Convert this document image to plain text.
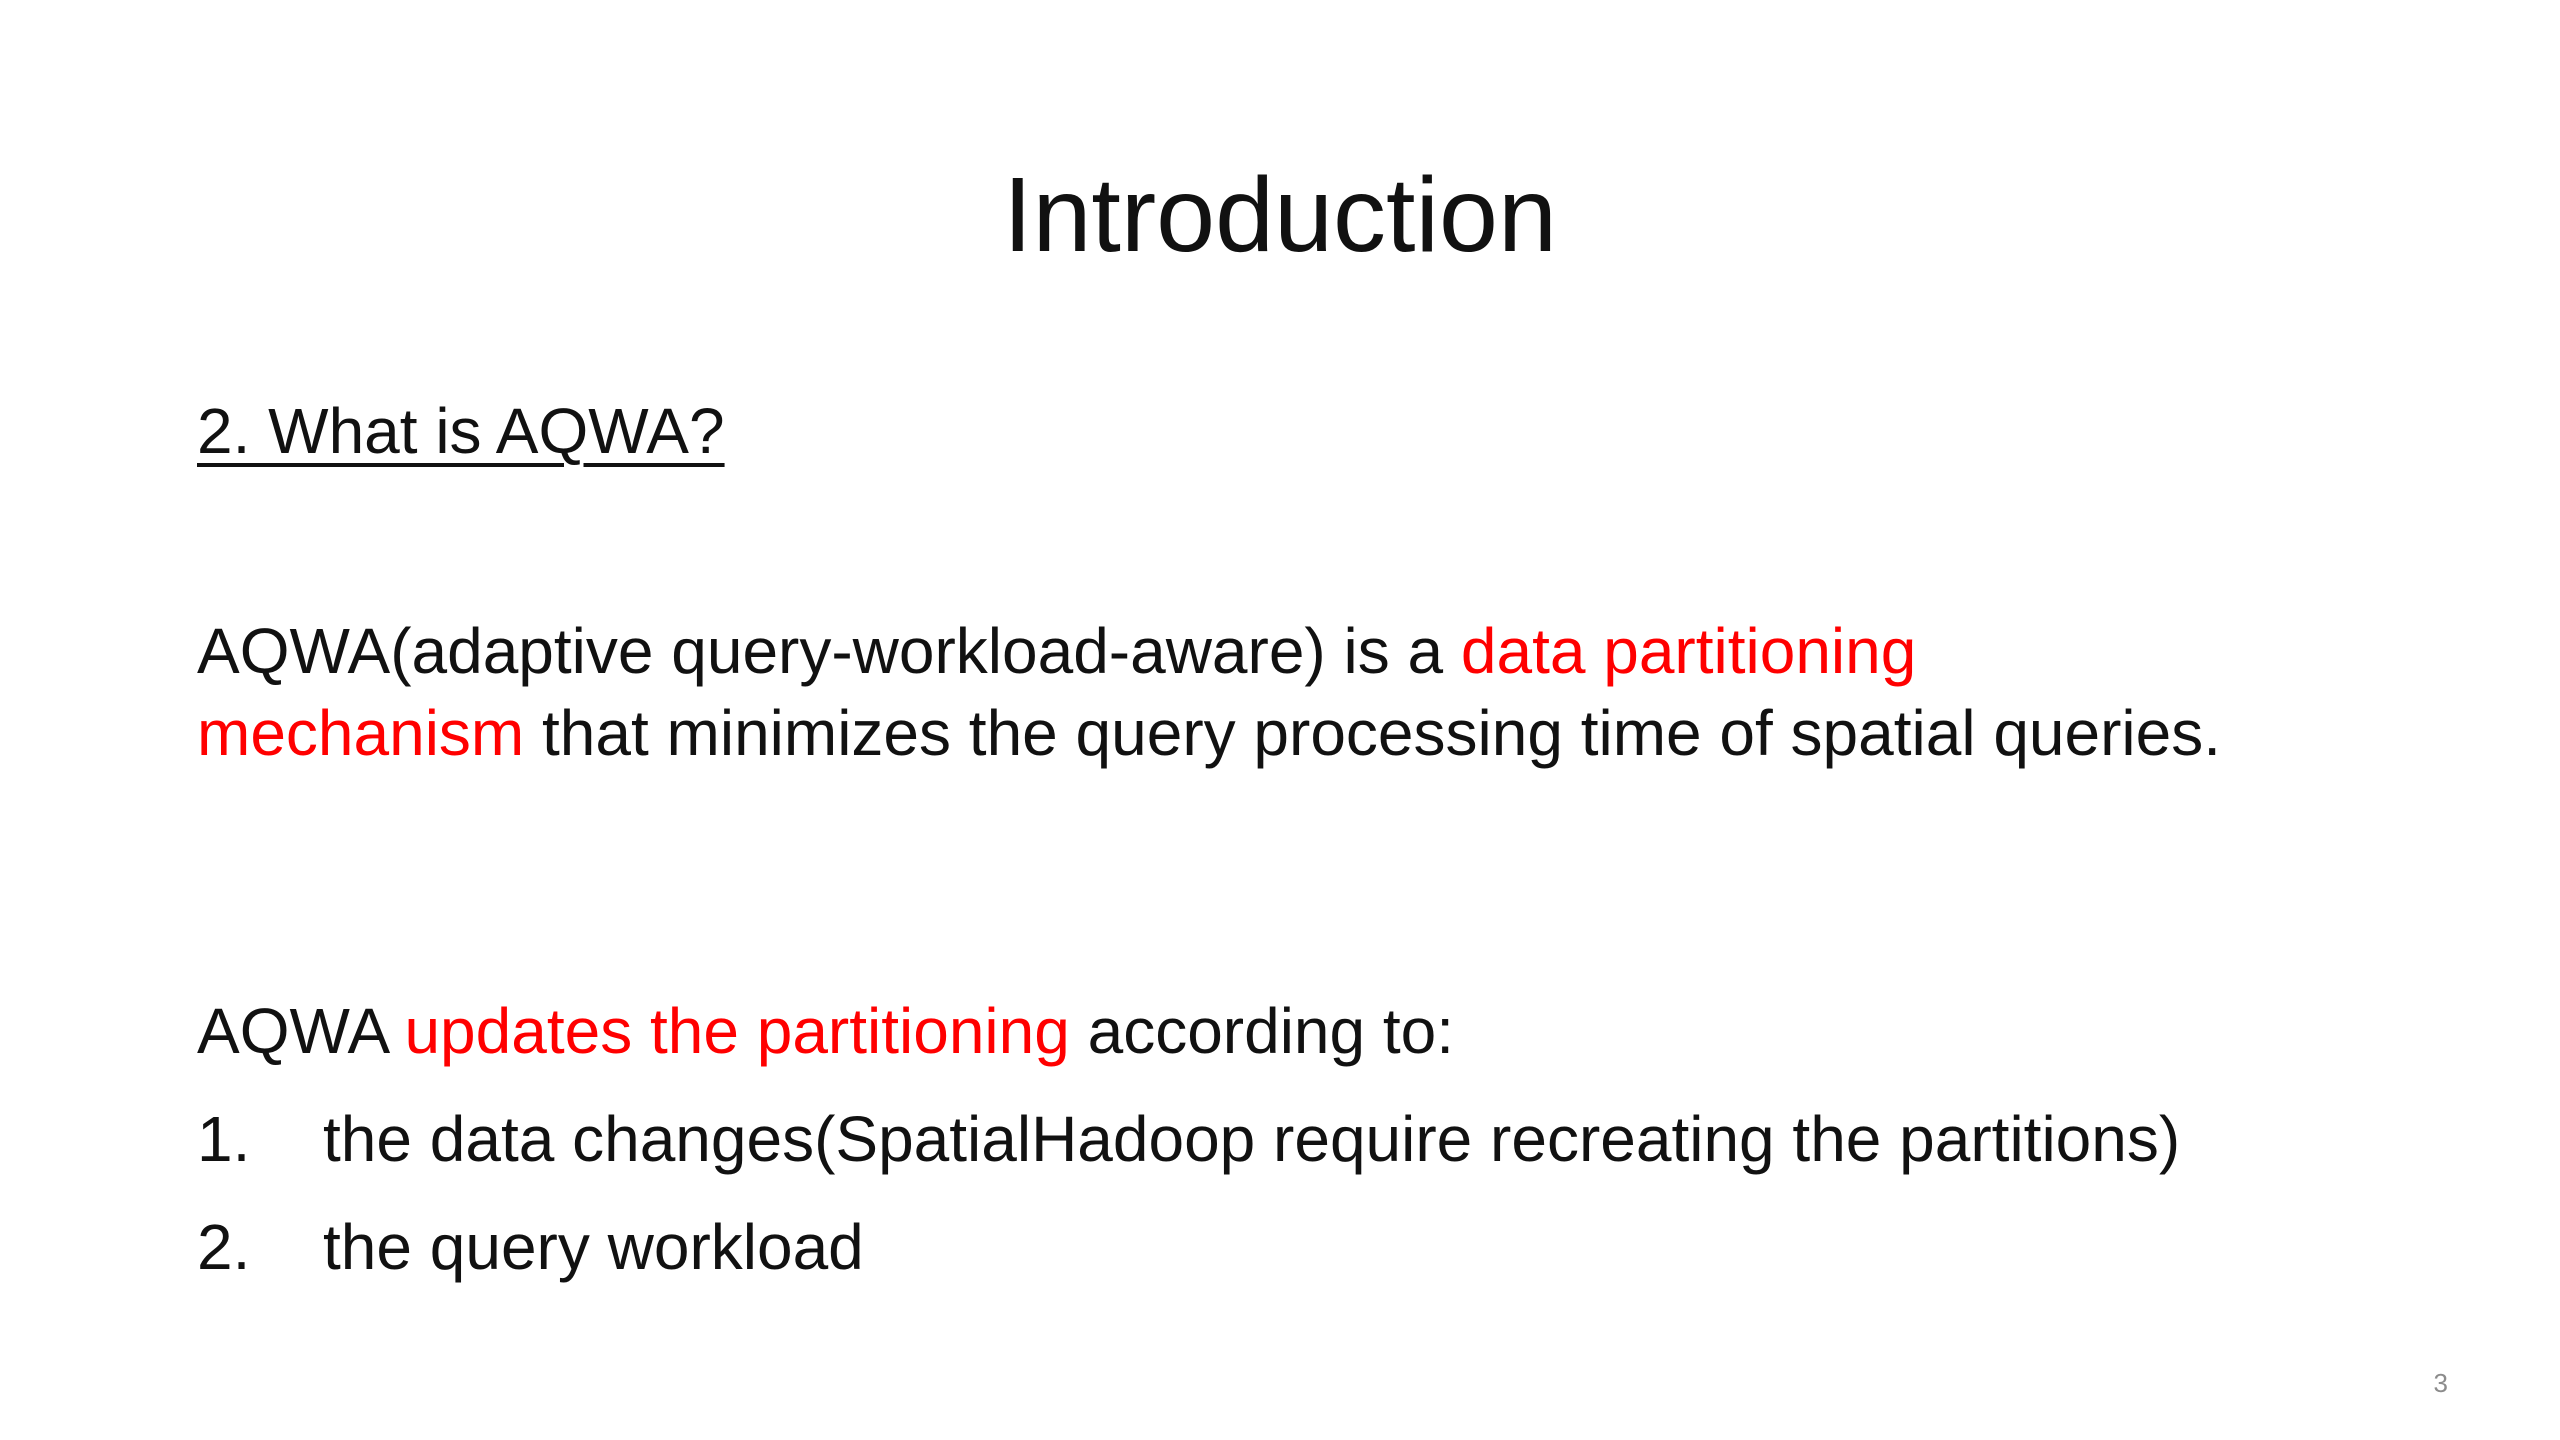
Introduction

2. What is AQWA?

AQWA(adaptive query-workload-aware) is a data partitioning mechanism that minimizes the query processing time of spatial queries.

AQWA updates the partitioning according to:

1. the data changes(SpatialHadoop require recreating the partitions)
2. the query workload
3
